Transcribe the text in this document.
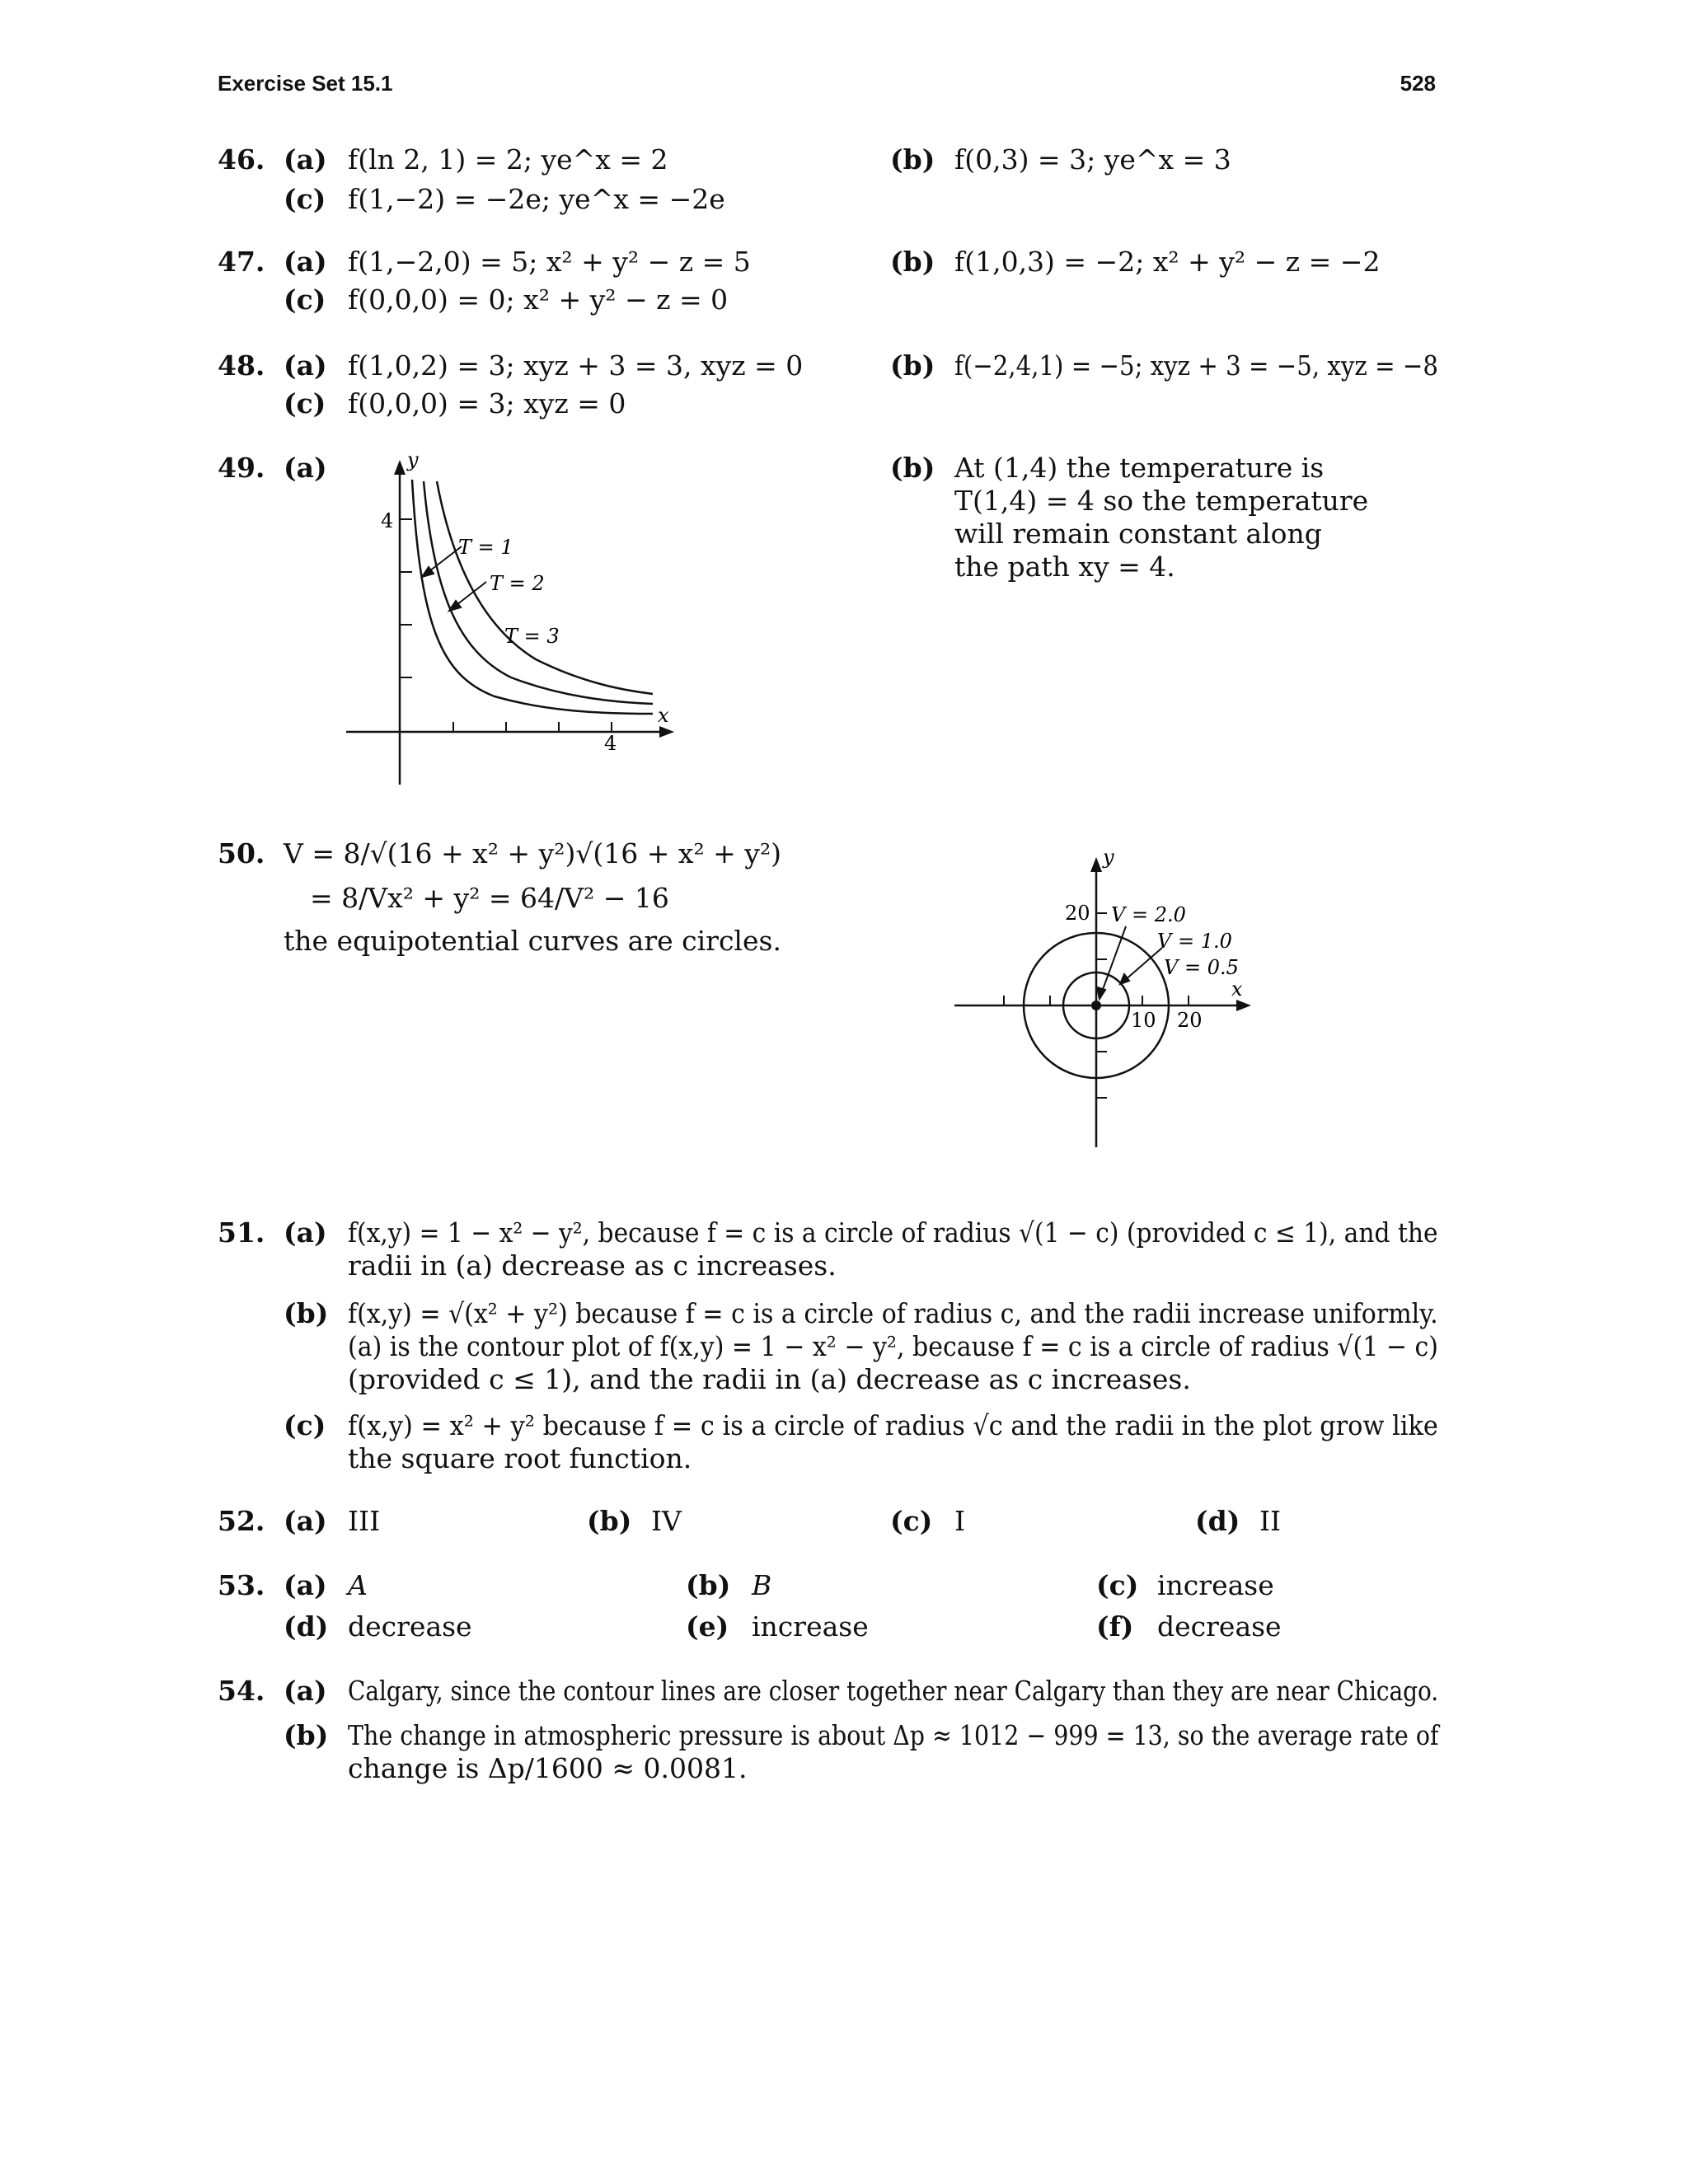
Exercise Set 15.1	528
46. (a) f(ln 2, 1) = 2; ye^x = 2	(b) f(0,3) = 3; ye^x = 3
(c) f(1,−2) = −2e; ye^x = −2e
47. (a) f(1,−2,0) = 5; x² + y² − z = 5	(b) f(1,0,3) = −2; x² + y² − z = −2
(c) f(0,0,0) = 0; x² + y² − z = 0
48. (a) f(1,0,2) = 3; xyz + 3 = 3, xyz = 0	(b) f(−2,4,1) = −5; xyz + 3 = −5, xyz = −8
(c) f(0,0,0) = 3; xyz = 0
49. (a)	y
x
4
4
T = 1
T = 2
T = 3
(b) At (1,4) the temperature is
T(1,4) = 4 so the temperature
will remain constant along
the path xy = 4.
50. V = 8/√(16 + x² + y²)√(16 + x² + y²)
= 8/Vx² + y² = 64/V² − 16
the equipotential curves are circles.
y
x
20
10 20
V = 2.0
V = 1.0
V = 0.5
51. (a) f(x,y) = 1 − x² − y², because f = c is a circle of radius √(1 − c) (provided c ≤ 1), and the
radii in (a) decrease as c increases.
(b) f(x,y) = √(x² + y²) because f = c is a circle of radius c, and the radii increase uniformly.
(a) is the contour plot of f(x,y) = 1 − x² − y², because f = c is a circle of radius √(1 − c)
(provided c ≤ 1), and the radii in (a) decrease as c increases.
(c) f(x,y) = x² + y² because f = c is a circle of radius √c and the radii in the plot grow like
the square root function.
52. (a) III	(b) IV	(c) I	(d) II
53. (a) A	(b) B	(c) increase
(d) decrease	(e) increase	(f) decrease
54. (a) Calgary, since the contour lines are closer together near Calgary than they are near Chicago.
(b) The change in atmospheric pressure is about Δp ≈ 1012 − 999 = 13, so the average rate of
change is Δp/1600 ≈ 0.0081.
